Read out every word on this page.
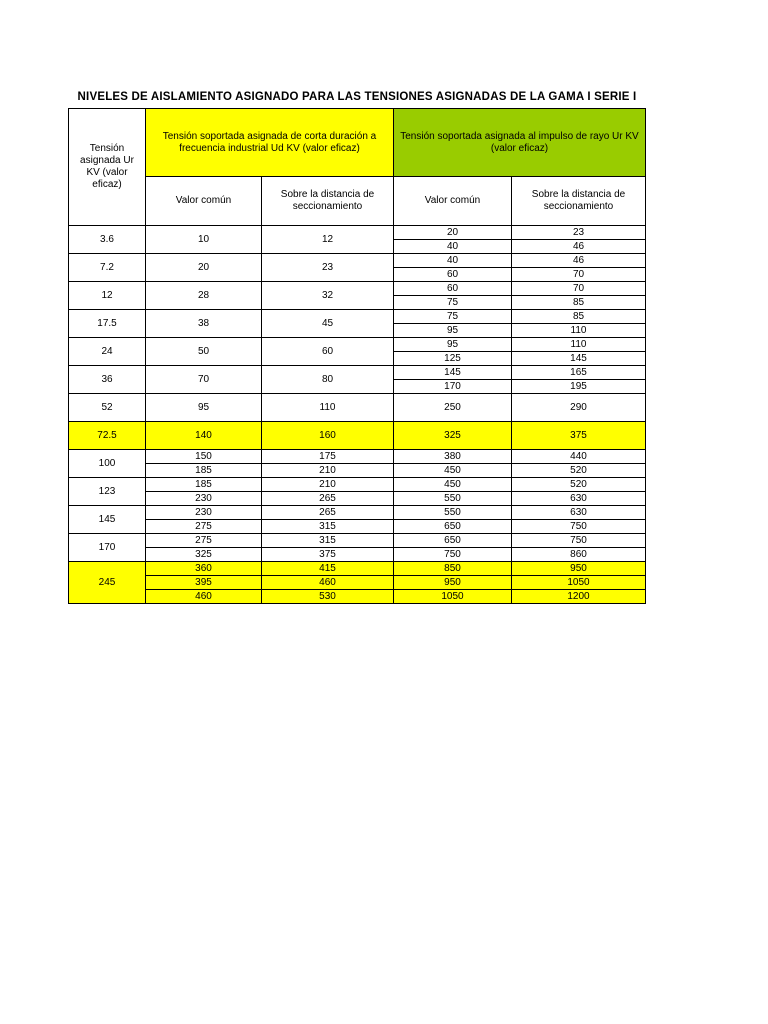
NIVELES DE AISLAMIENTO ASIGNADO PARA LAS TENSIONES ASIGNADAS DE LA GAMA I SERIE I
Tensión asignada Ur KV (valor eficaz)	Tensión soportada asignada de corta duración a frecuencia industrial Ud KV (valor eficaz)		Tensión soportada asignada al impulso de rayo Ur KV (valor eficaz)	

	Valor común	Sobre la distancia de seccionamiento	Valor común	Sobre la distancia de seccionamiento

3.6	10	12	20	23
			40	46
7.2	20	23	40	46
			60	70
12	28	32	60	70
			75	85
17.5	38	45	75	85
			95	110
24	50	60	95	110
			125	145
36	70	80	145	165
			170	195
52	95	110	250	290
72.5	140	160	325	375
100	150	175	380	440
	185	210	450	520
123	185	210	450	520
	230	265	550	630
145	230	265	550	630
	275	315	650	750
170	275	315	650	750
	325	375	750	860
245	360	415	850	950
	395	460	950	1050
	460	530	1050	1200
